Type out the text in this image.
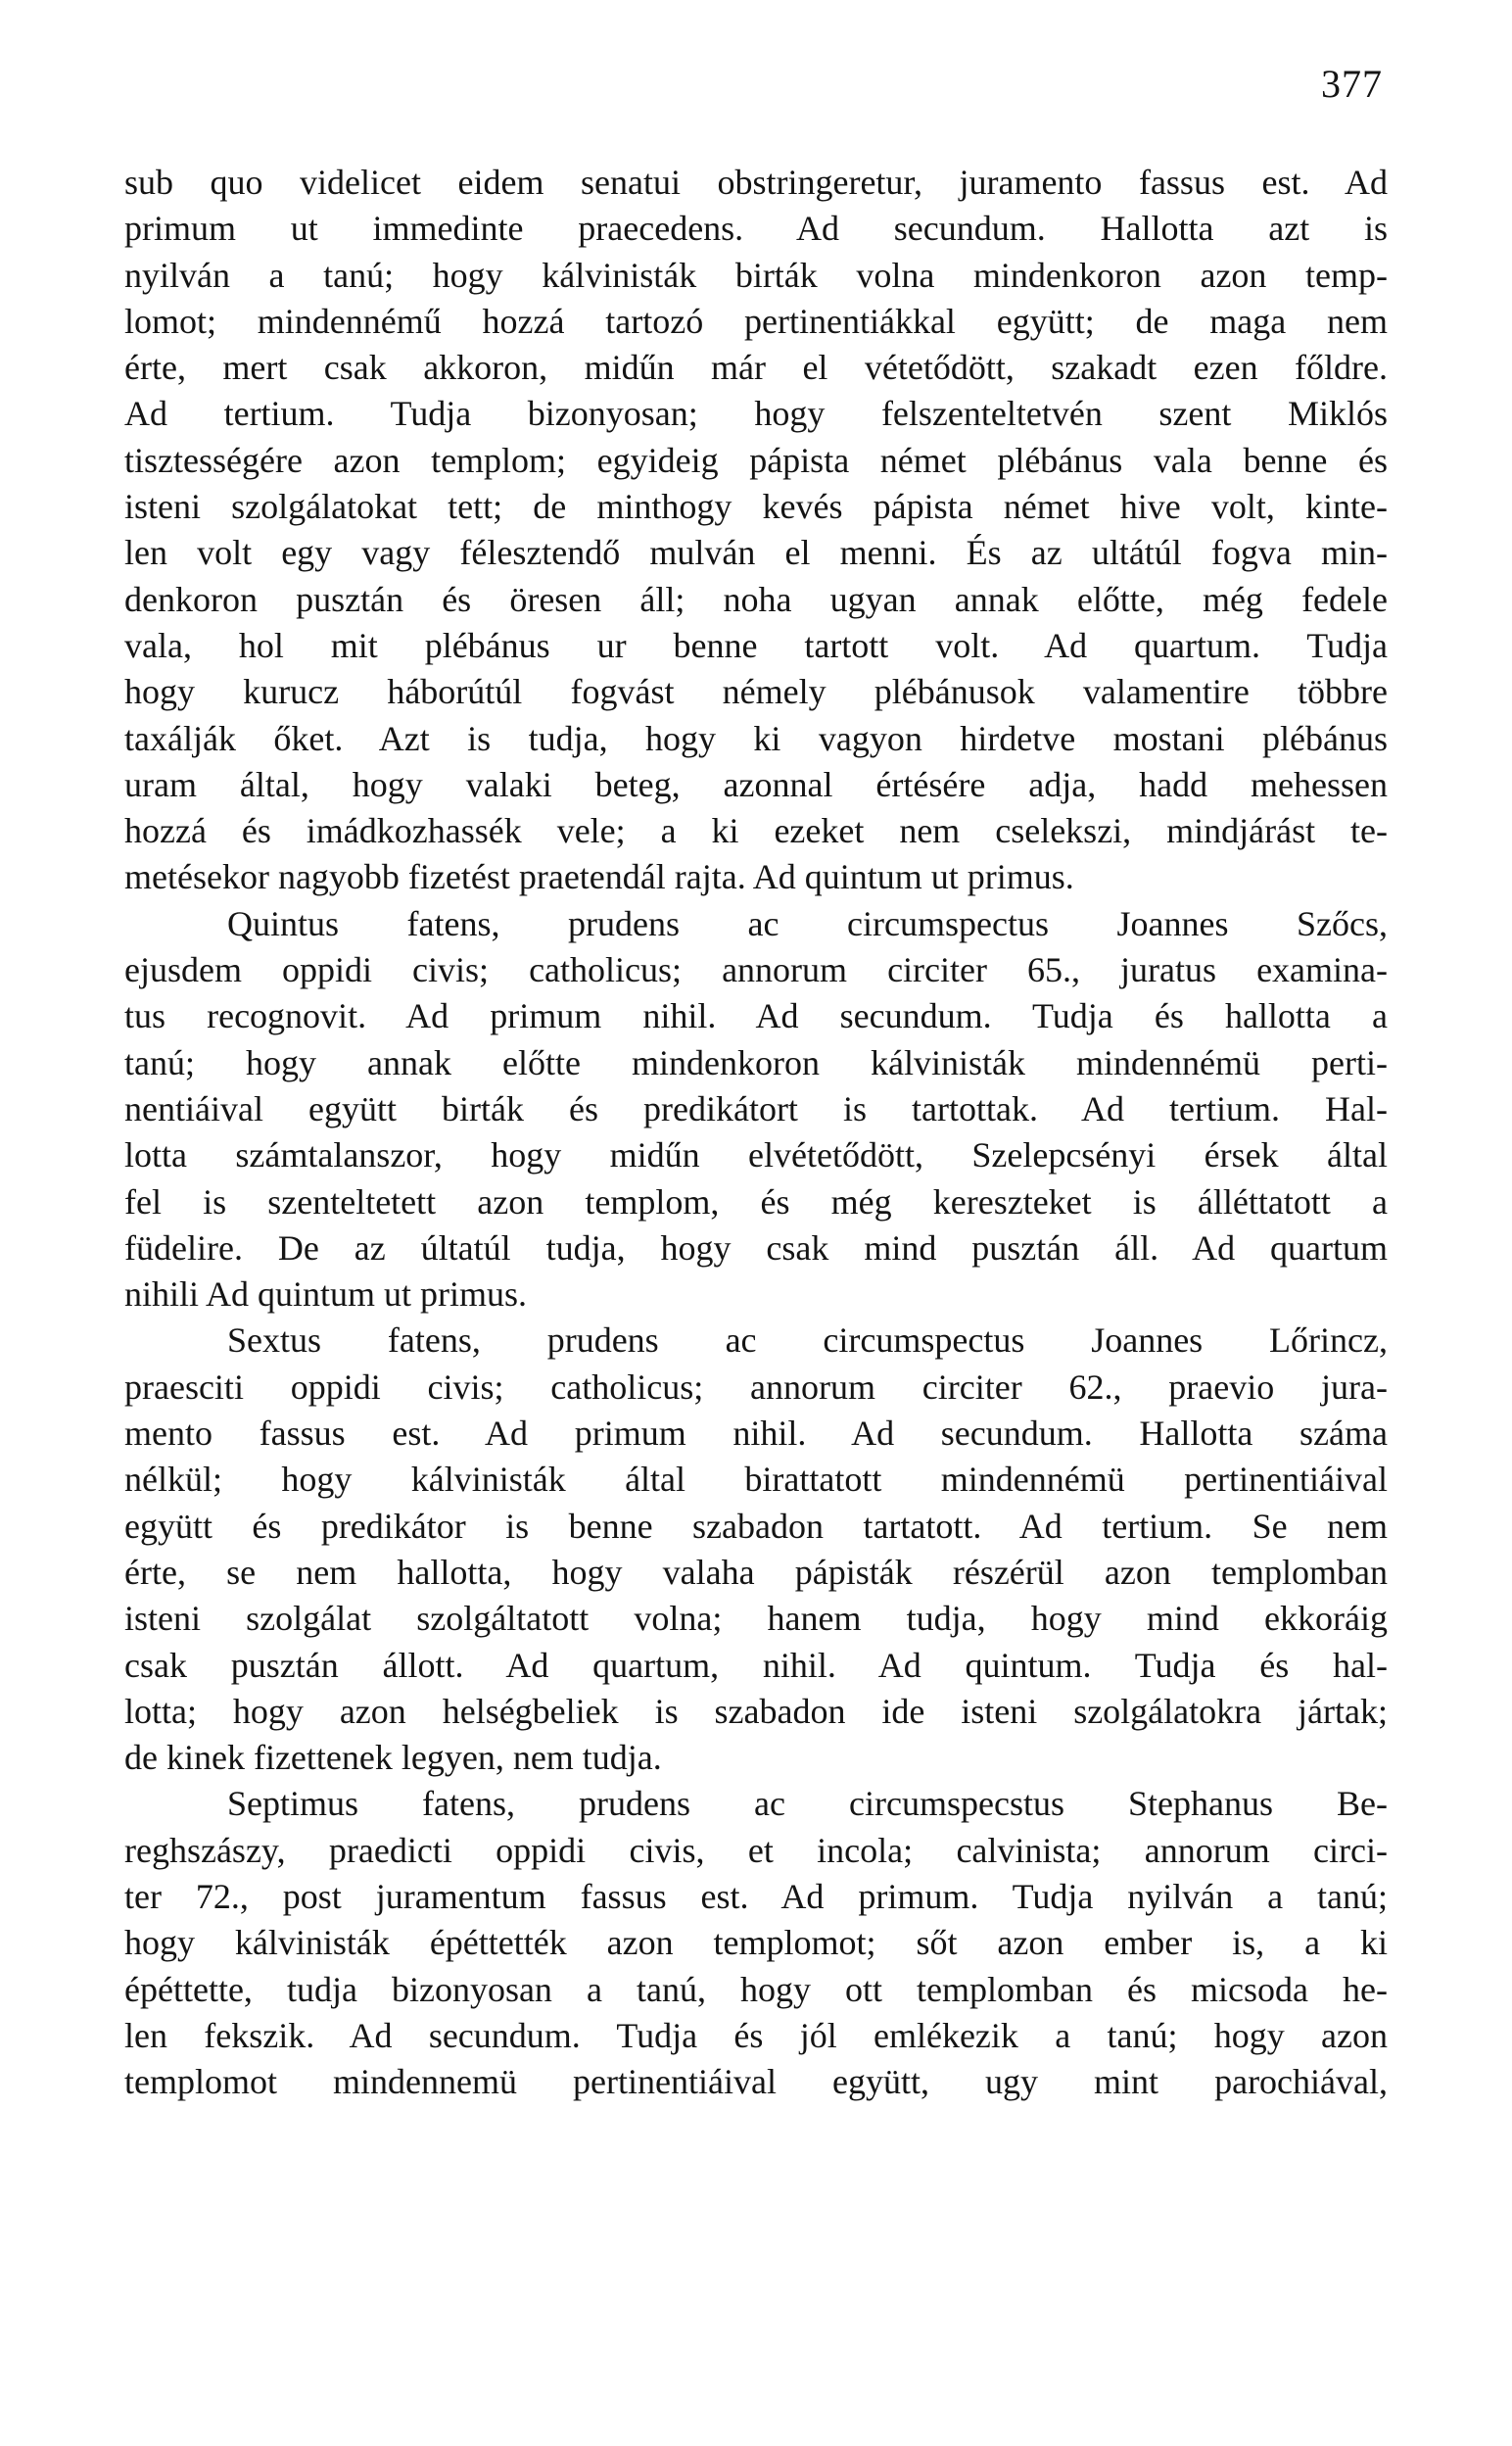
377
sub quo videlicet eidem senatui obstringeretur, juramento fassus est. Ad
primum ut immedinte praecedens. Ad secundum. Hallotta azt is
nyilván a tanú; hogy kálvinisták birták volna mindenkoron azon temp-
lomot; mindennémű hozzá tartozó pertinentiákkal együtt; de maga nem
érte, mert csak akkoron, midűn már el vétetődött, szakadt ezen főldre.
Ad tertium. Tudja bizonyosan; hogy felszenteltetvén szent Miklós
tisztességére azon templom; egyideig pápista német plébánus vala benne és
isteni szolgálatokat tett; de minthogy kevés pápista német hive volt, kinte-
len volt egy vagy félesztendő mulván el menni. És az ultátúl fogva min-
denkoron pusztán és öresen áll; noha ugyan annak előtte, még fedele
vala, hol mit plébánus ur benne tartott volt. Ad quartum. Tudja
hogy kurucz háborútúl fogvást némely plébánusok valamentire többre
taxálják őket. Azt is tudja, hogy ki vagyon hirdetve mostani plébánus
uram által, hogy valaki beteg, azonnal értésére adja, hadd mehessen
hozzá és imádkozhassék vele; a ki ezeket nem cselekszi, mindjárást te-
metésekor nagyobb fizetést praetendál rajta. Ad quintum ut primus.
Quintus fatens, prudens ac circumspectus Joannes Szőcs,
ejusdem oppidi civis; catholicus; annorum circiter 65., juratus examina-
tus recognovit. Ad primum nihil. Ad secundum. Tudja és hallotta a
tanú; hogy annak előtte mindenkoron kálvinisták mindennémü perti-
nentiáival együtt birták és predikátort is tartottak. Ad tertium. Hal-
lotta számtalanszor, hogy midűn elvétetődött, Szelepcsényi érsek által
fel is szenteltetett azon templom, és még kereszteket is álléttatott a
füdelire. De az últatúl tudja, hogy csak mind pusztán áll. Ad quartum
nihili Ad quintum ut primus.
Sextus fatens, prudens ac circumspectus Joannes Lőrincz,
praesciti oppidi civis; catholicus; annorum circiter 62., praevio jura-
mento fassus est. Ad primum nihil. Ad secundum. Hallotta száma
nélkül; hogy kálvinisták által birattatott mindennémü pertinentiáival
együtt és predikátor is benne szabadon tartatott. Ad tertium. Se nem
érte, se nem hallotta, hogy valaha pápisták részérül azon templomban
isteni szolgálat szolgáltatott volna; hanem tudja, hogy mind ekkoráig
csak pusztán állott. Ad quartum, nihil. Ad quintum. Tudja és hal-
lotta; hogy azon helségbeliek is szabadon ide isteni szolgálatokra jártak;
de kinek fizettenek legyen, nem tudja.
Septimus fatens, prudens ac circumspecstus Stephanus Be-
reghszászy, praedicti oppidi civis, et incola; calvinista; annorum circi-
ter 72., post juramentum fassus est. Ad primum. Tudja nyilván a tanú;
hogy kálvinisták épéttették azon templomot; sőt azon ember is, a ki
épéttette, tudja bizonyosan a tanú, hogy ott templomban és micsoda he-
len fekszik. Ad secundum. Tudja és jól emlékezik a tanú; hogy azon
templomot mindennemü pertinentiáival együtt, ugy mint parochiával,
